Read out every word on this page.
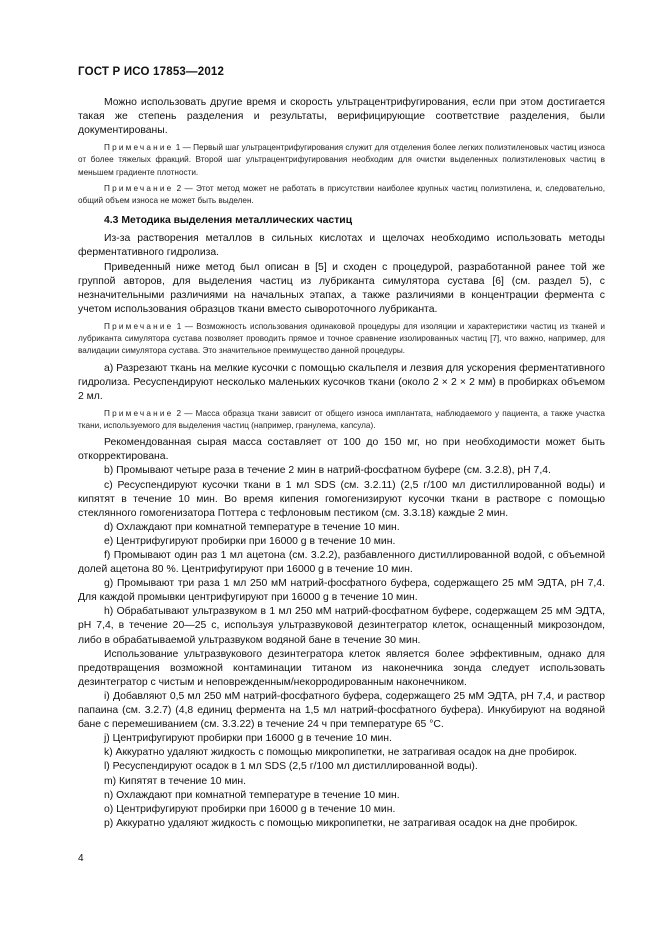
ГОСТ Р ИСО 17853—2012

Можно использовать другие время и скорость ультрацентрифугирования, если при этом достигается такая же степень разделения и результаты, верифицирующие соответствие разделения, были документированы.

Примечание 1 — Первый шаг ультрацентрифугирования служит для отделения более легких полиэтиленовых частиц износа от более тяжелых фракций. Второй шаг ультрацентрифугирования необходим для очистки выделенных полиэтиленовых частиц в меньшем градиенте плотности.

Примечание 2 — Этот метод может не работать в присутствии наиболее крупных частиц полиэтилена, и, следовательно, общий объем износа не может быть выделен.

4.3 Методика выделения металлических частиц

Из-за растворения металлов в сильных кислотах и щелочах необходимо использовать методы ферментативного гидролиза.

Приведенный ниже метод был описан в [5] и сходен с процедурой, разработанной ранее той же группой авторов, для выделения частиц из лубриканта симулятора сустава [6] (см. раздел 5), с незначительными различиями на начальных этапах, а также различиями в концентрации фермента с учетом использования образцов ткани вместо сывороточного лубриканта.

Примечание 1 — Возможность использования одинаковой процедуры для изоляции и характеристики частиц из тканей и лубриканта симулятора сустава позволяет проводить прямое и точное сравнение изолированных частиц [7], что важно, например, для валидации симулятора сустава. Это значительное преимущество данной процедуры.

a) Разрезают ткань на мелкие кусочки с помощью скальпеля и лезвия для ускорения ферментативного гидролиза. Ресуспендируют несколько маленьких кусочков ткани (около 2 × 2 × 2 мм) в пробирках объемом 2 мл.

Примечание 2 — Масса образца ткани зависит от общего износа имплантата, наблюдаемого у пациента, а также участка ткани, используемого для выделения частиц (например, гранулема, капсула).

Рекомендованная сырая масса составляет от 100 до 150 мг, но при необходимости может быть откорректирована.

b) Промывают четыре раза в течение 2 мин в натрий-фосфатном буфере (см. 3.2.8), pH 7,4.

c) Ресуспендируют кусочки ткани в 1 мл SDS (см. 3.2.11) (2,5 г/100 мл дистиллированной воды) и кипятят в течение 10 мин. Во время кипения гомогенизируют кусочки ткани в растворе с помощью стеклянного гомогенизатора Поттера с тефлоновым пестиком (см. 3.3.18) каждые 2 мин.

d) Охлаждают при комнатной температуре в течение 10 мин.

e) Центрифугируют пробирки при 16000 g в течение 10 мин.

f) Промывают один раз 1 мл ацетона (см. 3.2.2), разбавленного дистиллированной водой, с объемной долей ацетона 80 %. Центрифугируют при 16000 g в течение 10 мин.

g) Промывают три раза 1 мл 250 мМ натрий-фосфатного буфера, содержащего 25 мМ ЭДТА, pH 7,4. Для каждой промывки центрифугируют при 16000 g в течение 10 мин.

h) Обрабатывают ультразвуком в 1 мл 250 мМ натрий-фосфатном буфере, содержащем 25 мМ ЭДТА, pH 7,4, в течение 20—25 с, используя ультразвуковой дезинтегратор клеток, оснащенный микрозондом, либо в обрабатываемой ультразвуком водяной бане в течение 30 мин.

Использование ультразвукового дезинтегратора клеток является более эффективным, однако для предотвращения возможной контаминации титаном из наконечника зонда следует использовать дезинтегратор с чистым и неповрежденным/некорродированным наконечником.

i) Добавляют 0,5 мл 250 мМ натрий-фосфатного буфера, содержащего 25 мМ ЭДТА, pH 7,4, и раствор папаина (см. 3.2.7) (4,8 единиц фермента на 1,5 мл натрий-фосфатного буфера). Инкубируют на водяной бане с перемешиванием (см. 3.3.22) в течение 24 ч при температуре 65 °C.

j) Центрифугируют пробирки при 16000 g в течение 10 мин.

k) Аккуратно удаляют жидкость с помощью микропипетки, не затрагивая осадок на дне пробирок.

l) Ресуспендируют осадок в 1 мл SDS (2,5 г/100 мл дистиллированной воды).

m) Кипятят в течение 10 мин.

n) Охлаждают при комнатной температуре в течение 10 мин.

o) Центрифугируют пробирки при 16000 g в течение 10 мин.

p) Аккуратно удаляют жидкость с помощью микропипетки, не затрагивая осадок на дне пробирок.

4
